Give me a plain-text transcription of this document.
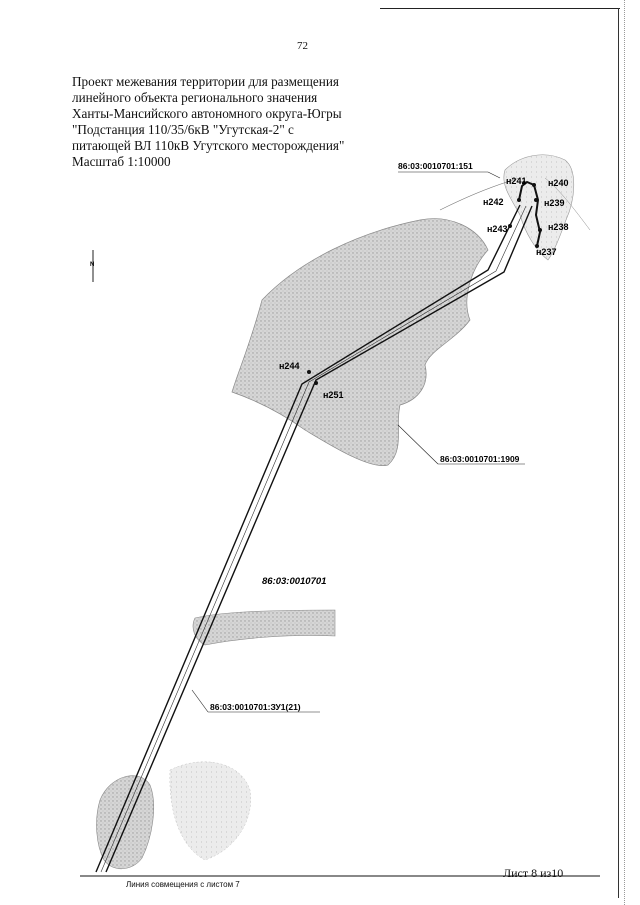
72
Проект межевания территории для размещения
линейного объекта регионального значения
Ханты-Мансийского автономного округа-Югры
"Подстанция 110/35/6кВ "Угутская-2" с
питающей ВЛ 110кВ Угутского месторождения"
Масштаб 1:10000
н241 н240
н242	н239
н243	н238
н237
н244
н251
86:03:0010701:151
86:03:0010701:1909
86:03:0010701
86:03:0010701:ЗУ1(21)
N
Лист 8 из10
Линия совмещения с листом 7
